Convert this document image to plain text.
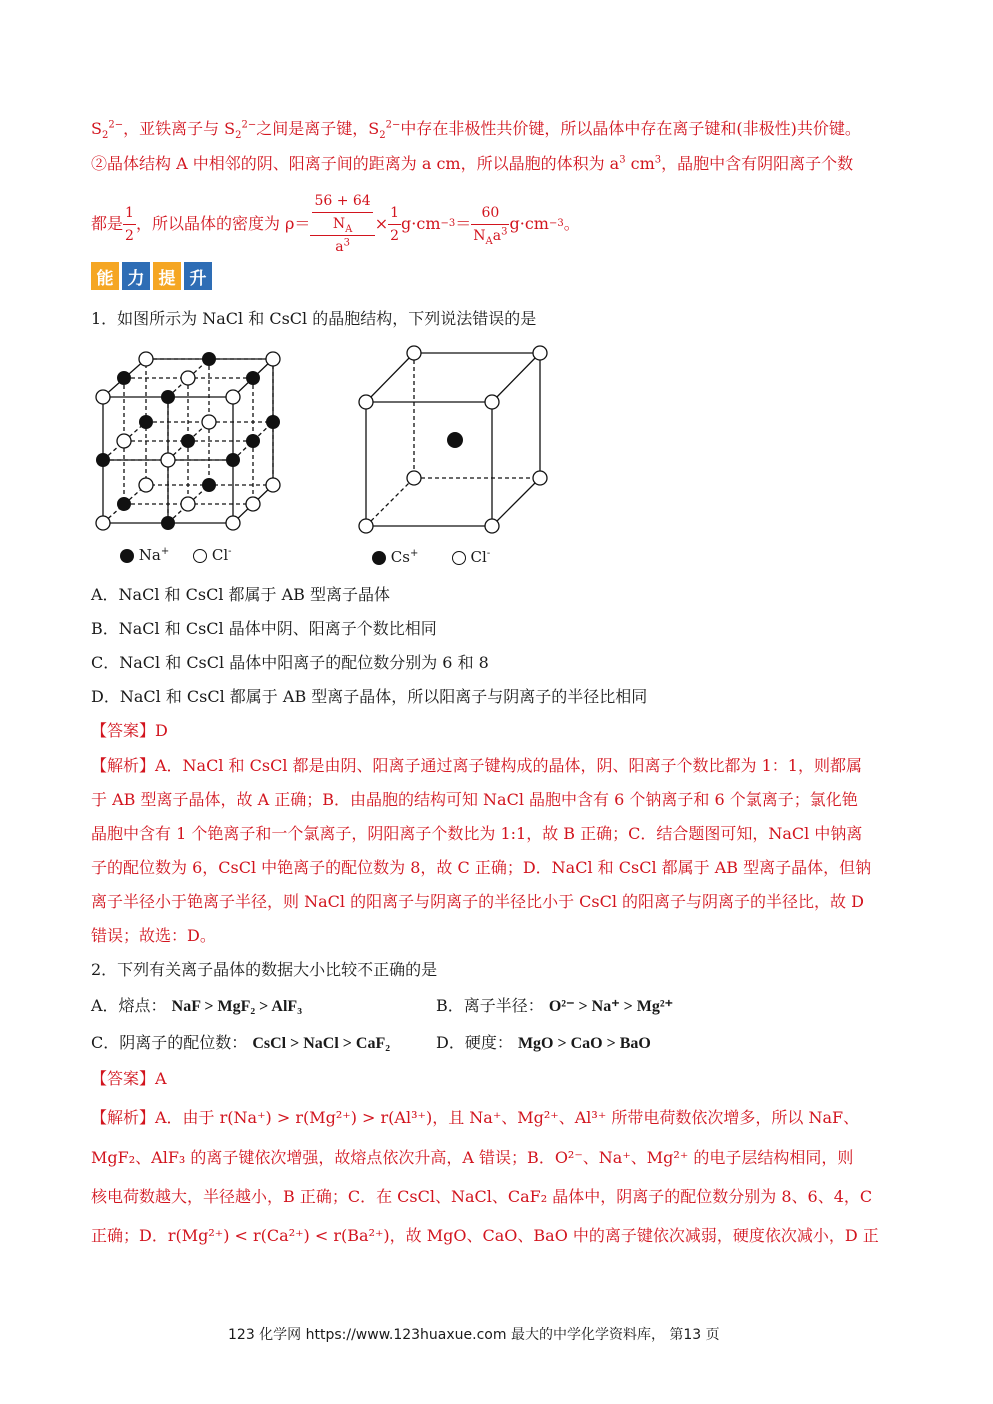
$S_2^{2-}$，亚铁离子与 $S_2^{2-}$之间是离子键，$S_2^{2-}$中存在非极性共价键，所以晶体中存在离子键和(非极性)共价键。
②晶体结构 A 中相邻的阴、阳离子间的距离为 a cm，所以晶胞的体积为 $a^3$ $cm^3$，晶胞中含有阴阳离子个数
都是 $\frac{1}{2}$ ，所以晶体的密度为 $\rho= \frac{\frac{56 + 64}{N_A}}{a^3} \times \frac{1}{2} g\cdot cm -3 = \frac{60}{N_Aa^3} g\cdot cm -3$ 。
能 力 提 升
1．如图所示为 NaCl 和 CsCl 的晶胞结构，下列说法错误的是
Na+	Cl-	Cs+	Cl-
A．NaCl 和 CsCl 都属于 AB 型离子晶体
B．NaCl 和 CsCl 晶体中阴、阳离子个数比相同
C．NaCl 和 CsCl 晶体中阳离子的配位数分别为 6 和 8
D．NaCl 和 CsCl 都属于 AB 型离子晶体，所以阳离子与阴离子的半径比相同
【答案】D
【解析】A．NaCl 和 CsCl 都是由阴、阳离子通过离子键构成的晶体，阴、阳离子个数比都为 1：1，则都属
于 AB 型离子晶体，故 A 正确；B．由晶胞的结构可知 NaCl 晶胞中含有 6 个钠离子和 6 个氯离子；氯化铯
晶胞中含有 1 个铯离子和一个氯离子，阴阳离子个数比为 1:1，故 B 正确；C．结合题图可知，NaCl 中钠离
子的配位数为 6，CsCl 中铯离子的配位数为 8，故 C 正确；D．NaCl 和 CsCl 都属于 AB 型离子晶体，但钠
离子半径小于铯离子半径，则 NaCl 的阳离子与阴离子的半径比小于 CsCl 的阳离子与阴离子的半径比，故 D
错误；故选：D。
2．下列有关离子晶体的数据大小比较不正确的是
A．熔点： NaF > MgF₂ > AlF₃	B．离子半径： O²⁻ > Na⁺ > Mg²⁺
C．阴离子的配位数： CsCl > NaCl > CaF₂	D．硬度： MgO > CaO > BaO
【答案】A
【解析】A．由于 r(Na⁺) > r(Mg²⁺) > r(Al³⁺)，且 Na⁺、Mg²⁺、Al³⁺ 所带电荷数依次增多，所以 NaF、
MgF₂、AlF₃ 的离子键依次增强，故熔点依次升高，A 错误；B．O²⁻、Na⁺、Mg²⁺ 的电子层结构相同，则
核电荷数越大，半径越小，B 正确；C．在 CsCl、NaCl、CaF₂ 晶体中，阴离子的配位数分别为 8、6、4，C
正确；D．r(Mg²⁺) < r(Ca²⁺) < r(Ba²⁺)，故 MgO、CaO、BaO 中的离子键依次减弱，硬度依次减小，D 正
123 化学网 https://www.123huaxue.com 最大的中学化学资料库， 第13 页
